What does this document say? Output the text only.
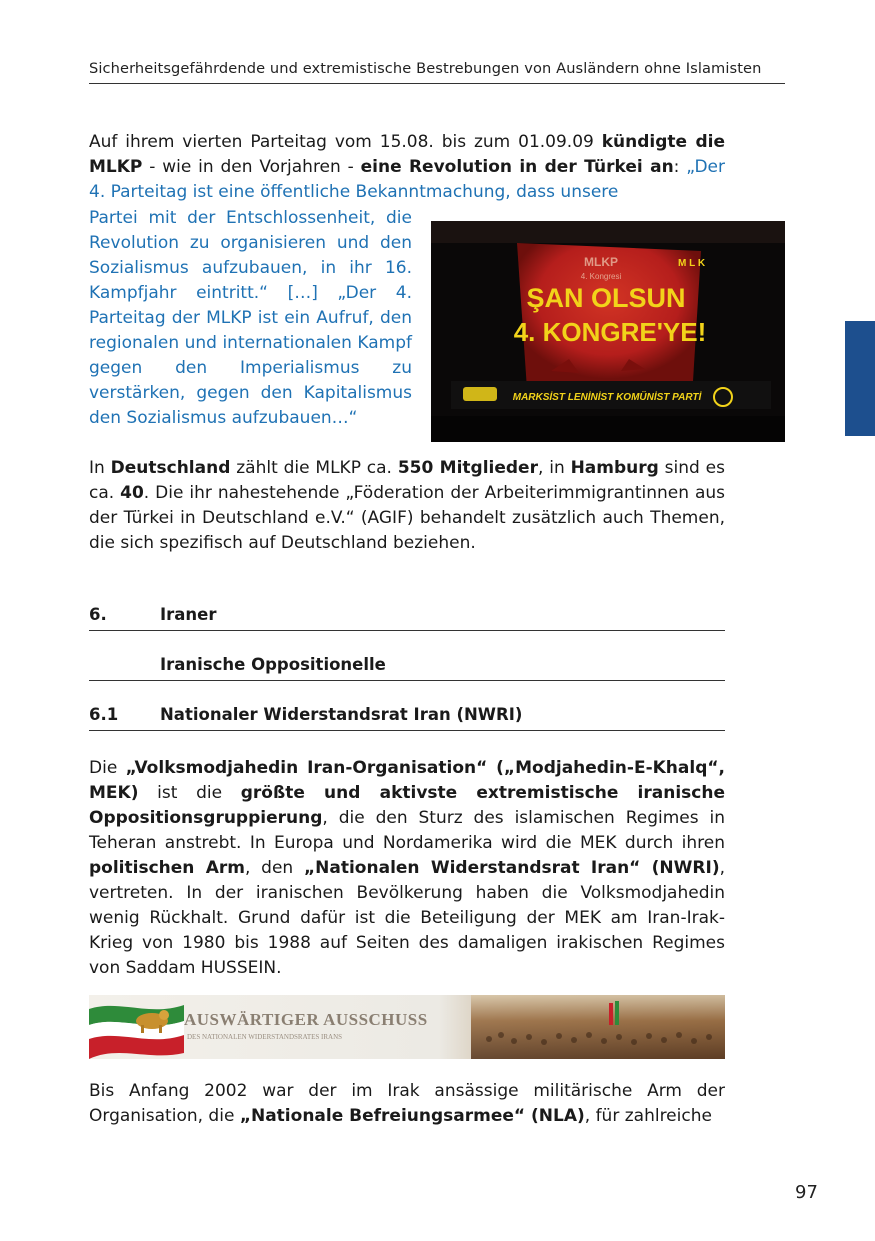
Sicherheitsgefährdende und extremistische Bestrebungen von Ausländern ohne Islamisten
Auf ihrem vierten Parteitag vom 15.08. bis zum 01.09.09 kündigte die MLKP - wie in den Vorjahren - eine Revolution in der Türkei an: „Der 4. Parteitag ist eine öffentliche Bekanntmachung, dass unsere
Partei mit der Entschlossenheit, die Revolution zu organisieren und den Sozialismus aufzubauen, in ihr 16. Kampfjahr eintritt.“ […] „Der 4. Parteitag der MLKP ist ein Aufruf, den regionalen und internationalen Kampf gegen den Imperialismus zu verstärken, gegen den Kapitalismus den Sozialismus aufzubauen…“
MLKP
4. Kongresi
M L K
ŞAN OLSUN
4. KONGRE'YE!
MARKSİST LENİNİST KOMÜNİST PARTİ
In Deutschland zählt die MLKP ca. 550 Mitglieder, in Hamburg sind es ca. 40. Die ihr nahestehende „Föderation der Arbeiterimmigrantinnen aus der Türkei in Deutschland e.V.“ (AGIF) behandelt zusätzlich auch Themen, die sich spezifisch auf Deutschland beziehen.
6.	Iraner
Iranische Oppositionelle
6.1	Nationaler Widerstandsrat Iran (NWRI)
Die „Volksmodjahedin Iran-Organisation“ („Modjahedin-E-Khalq“, MEK) ist die größte und aktivste extremistische iranische Oppositionsgruppierung, die den Sturz des islamischen Regimes in Teheran anstrebt. In Europa und Nordamerika wird die MEK durch ihren politischen Arm, den „Nationalen Widerstandsrat Iran“ (NWRI), vertreten. In der iranischen Bevölkerung haben die Volksmodjahedin wenig Rückhalt. Grund dafür ist die Beteiligung der MEK am Iran-Irak-Krieg von 1980 bis 1988 auf Seiten des damaligen irakischen Regimes von Saddam HUSSEIN.
AUSWÄRTIGER AUSSCHUSS
DES NATIONALEN WIDERSTANDSRATES IRANS
Bis Anfang 2002 war der im Irak ansässige militärische Arm der Organisation, die „Nationale Befreiungsarmee“ (NLA), für zahlreiche
97
